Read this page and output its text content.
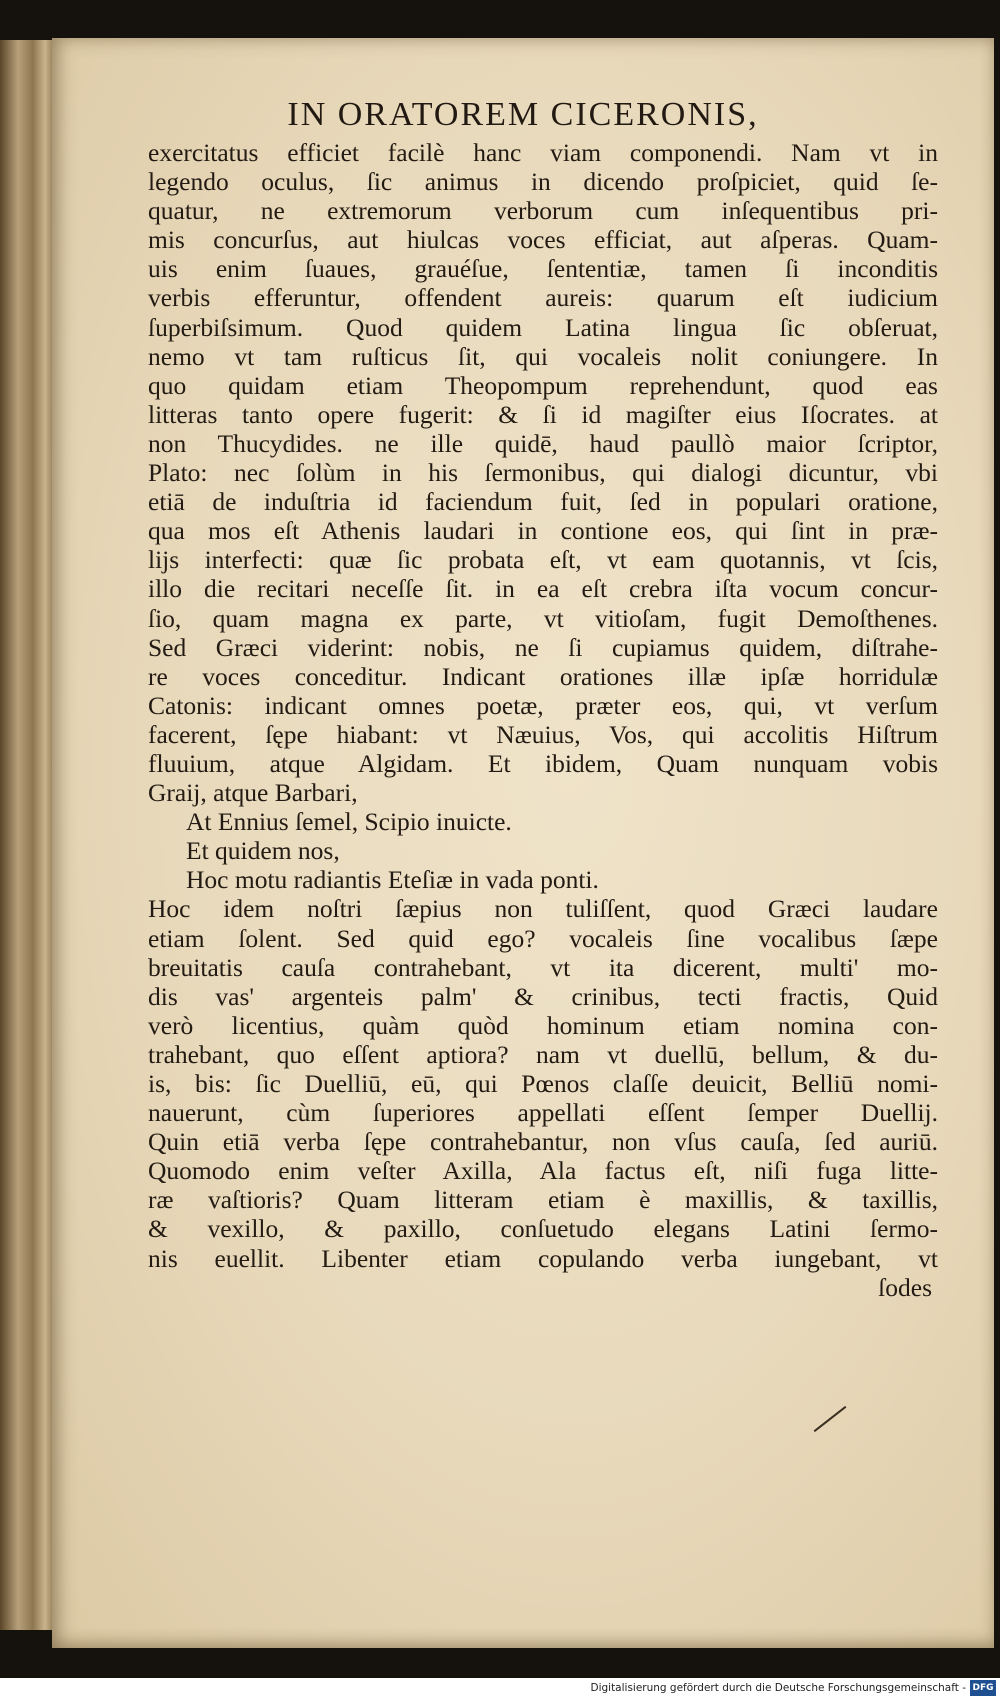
IN ORATOREM CICERONIS,
exercitatus efficiet facilè hanc viam componendi. Nam vt in
legendo oculus, ſic animus in dicendo proſpiciet, quid ſe-
quatur, ne extremorum verborum cum inſequentibus pri-
mis concurſus, aut hiulcas voces efficiat, aut aſperas. Quam-
uis enim ſuaues, grauéſue, ſententiæ, tamen ſi inconditis
verbis efferuntur, offendent aureis: quarum eſt iudicium
ſuperbiſsimum. Quod quidem Latina lingua ſic obſeruat,
nemo vt tam ruſticus ſit, qui vocaleis nolit coniungere. In
quo quidam etiam Theopompum reprehendunt, quod eas
litteras tanto opere fugerit: & ſi id magiſter eius Iſocrates. at
non Thucydides. ne ille quidē, haud paullò maior ſcriptor,
Plato: nec ſolùm in his ſermonibus, qui dialogi dicuntur, vbi
etiā de induſtria id faciendum fuit, ſed in populari oratione,
qua mos eſt Athenis laudari in contione eos, qui ſint in præ-
lijs interfecti: quæ ſic probata eſt, vt eam quotannis, vt ſcis,
illo die recitari neceſſe ſit. in ea eſt crebra iſta vocum concur-
ſio, quam magna ex parte, vt vitioſam, fugit Demoſthenes.
Sed Græci viderint: nobis, ne ſi cupiamus quidem, diſtrahe-
re voces conceditur. Indicant orationes illæ ipſæ horridulæ
Catonis: indicant omnes poetæ, præter eos, qui, vt verſum
facerent, ſępe hiabant: vt Næuius, Vos, qui accolitis Hiſtrum
fluuium, atque Algidam. Et ibidem, Quam nunquam vobis
Graij, atque Barbari,
At Ennius ſemel, Scipio inuicte.
Et quidem nos,
Hoc motu radiantis Eteſiæ in vada ponti.
Hoc idem noſtri ſæpius non tuliſſent, quod Græci laudare
etiam ſolent. Sed quid ego? vocaleis ſine vocalibus ſæpe
breuitatis cauſa contrahebant, vt ita dicerent, multi' mo-
dis vas' argenteis palm' & crinibus, tecti fractis, Quid
verò licentius, quàm quòd hominum etiam nomina con-
trahebant, quo eſſent aptiora? nam vt duellū, bellum, & du-
is, bis: ſic Duelliū, eū, qui Pœnos claſſe deuicit, Belliū nomi-
nauerunt, cùm ſuperiores appellati eſſent ſemper Duellij.
Quin etiā verba ſępe contrahebantur, non vſus cauſa, ſed auriū.
Quomodo enim veſter Axilla, Ala factus eſt, niſi fuga litte-
ræ vaſtioris? Quam litteram etiam è maxillis, & taxillis,
& vexillo, & paxillo, conſuetudo elegans Latini ſermo-
nis euellit. Libenter etiam copulando verba iungebant, vt
ſodes
Digitalisierung gefördert durch die Deutsche Forschungsgemeinschaft - DFG
